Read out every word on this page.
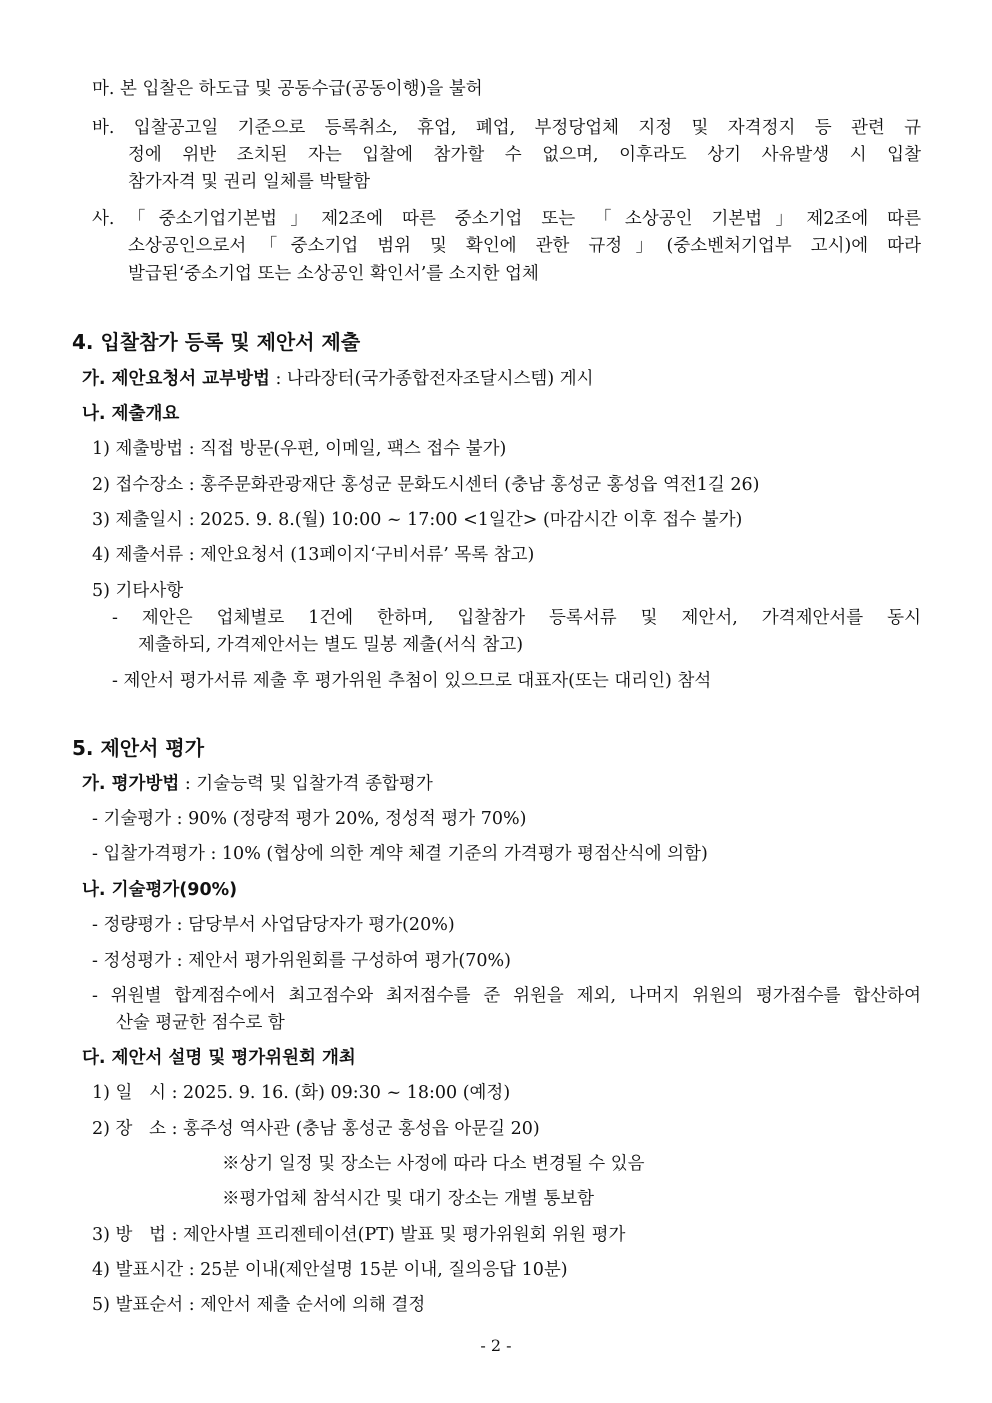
마. 본 입찰은 하도급 및 공동수급(공동이행)을 불허
바. 입찰공고일 기준으로 등록취소, 휴업, 폐업, 부정당업체 지정 및 자격정지 등 관련 규
정에 위반 조치된 자는 입찰에 참가할 수 없으며, 이후라도 상기 사유발생 시 입찰
참가자격 및 권리 일체를 박탈함
사.「중소기업기본법」제2조에 따른 중소기업 또는 「소상공인 기본법」제2조에 따른
소상공인으로서「중소기업 범위 및 확인에 관한 규정」(중소벤처기업부 고시)에 따라
발급된‘중소기업 또는 소상공인 확인서’를 소지한 업체
4. 입찰참가 등록 및 제안서 제출
가. 제안요청서 교부방법 : 나라장터(국가종합전자조달시스템) 게시
나. 제출개요
1) 제출방법 : 직접 방문(우편, 이메일, 팩스 접수 불가)
2) 접수장소 : 홍주문화관광재단 홍성군 문화도시센터 (충남 홍성군 홍성읍 역전1길 26)
3) 제출일시 : 2025. 9. 8.(월) 10:00 ~ 17:00 <1일간> (마감시간 이후 접수 불가)
4) 제출서류 : 제안요청서 (13페이지‘구비서류’ 목록 참고)
5) 기타사항
- 제안은 업체별로 1건에 한하며, 입찰참가 등록서류 및 제안서, 가격제안서를 동시
제출하되, 가격제안서는 별도 밀봉 제출(서식 참고)
- 제안서 평가서류 제출 후 평가위원 추첨이 있으므로 대표자(또는 대리인) 참석
5. 제안서 평가
가. 평가방법 : 기술능력 및 입찰가격 종합평가
- 기술평가 : 90% (정량적 평가 20%, 정성적 평가 70%)
- 입찰가격평가 : 10% (협상에 의한 계약 체결 기준의 가격평가 평점산식에 의함)
나. 기술평가(90%)
- 정량평가 : 담당부서 사업담당자가 평가(20%)
- 정성평가 : 제안서 평가위원회를 구성하여 평가(70%)
- 위원별 합계점수에서 최고점수와 최저점수를 준 위원을 제외, 나머지 위원의 평가점수를 합산하여
산술 평균한 점수로 함
다. 제안서 설명 및 평가위원회 개최
1) 일   시 : 2025. 9. 16. (화) 09:30 ~ 18:00 (예정)
2) 장   소 : 홍주성 역사관 (충남 홍성군 홍성읍 아문길 20)
※상기 일정 및 장소는 사정에 따라 다소 변경될 수 있음
※평가업체 참석시간 및 대기 장소는 개별 통보함
3) 방   법 : 제안사별 프리젠테이션(PT) 발표 및 평가위원회 위원 평가
4) 발표시간 : 25분 이내(제안설명 15분 이내, 질의응답 10분)
5) 발표순서 : 제안서 제출 순서에 의해 결정
- 2 -
